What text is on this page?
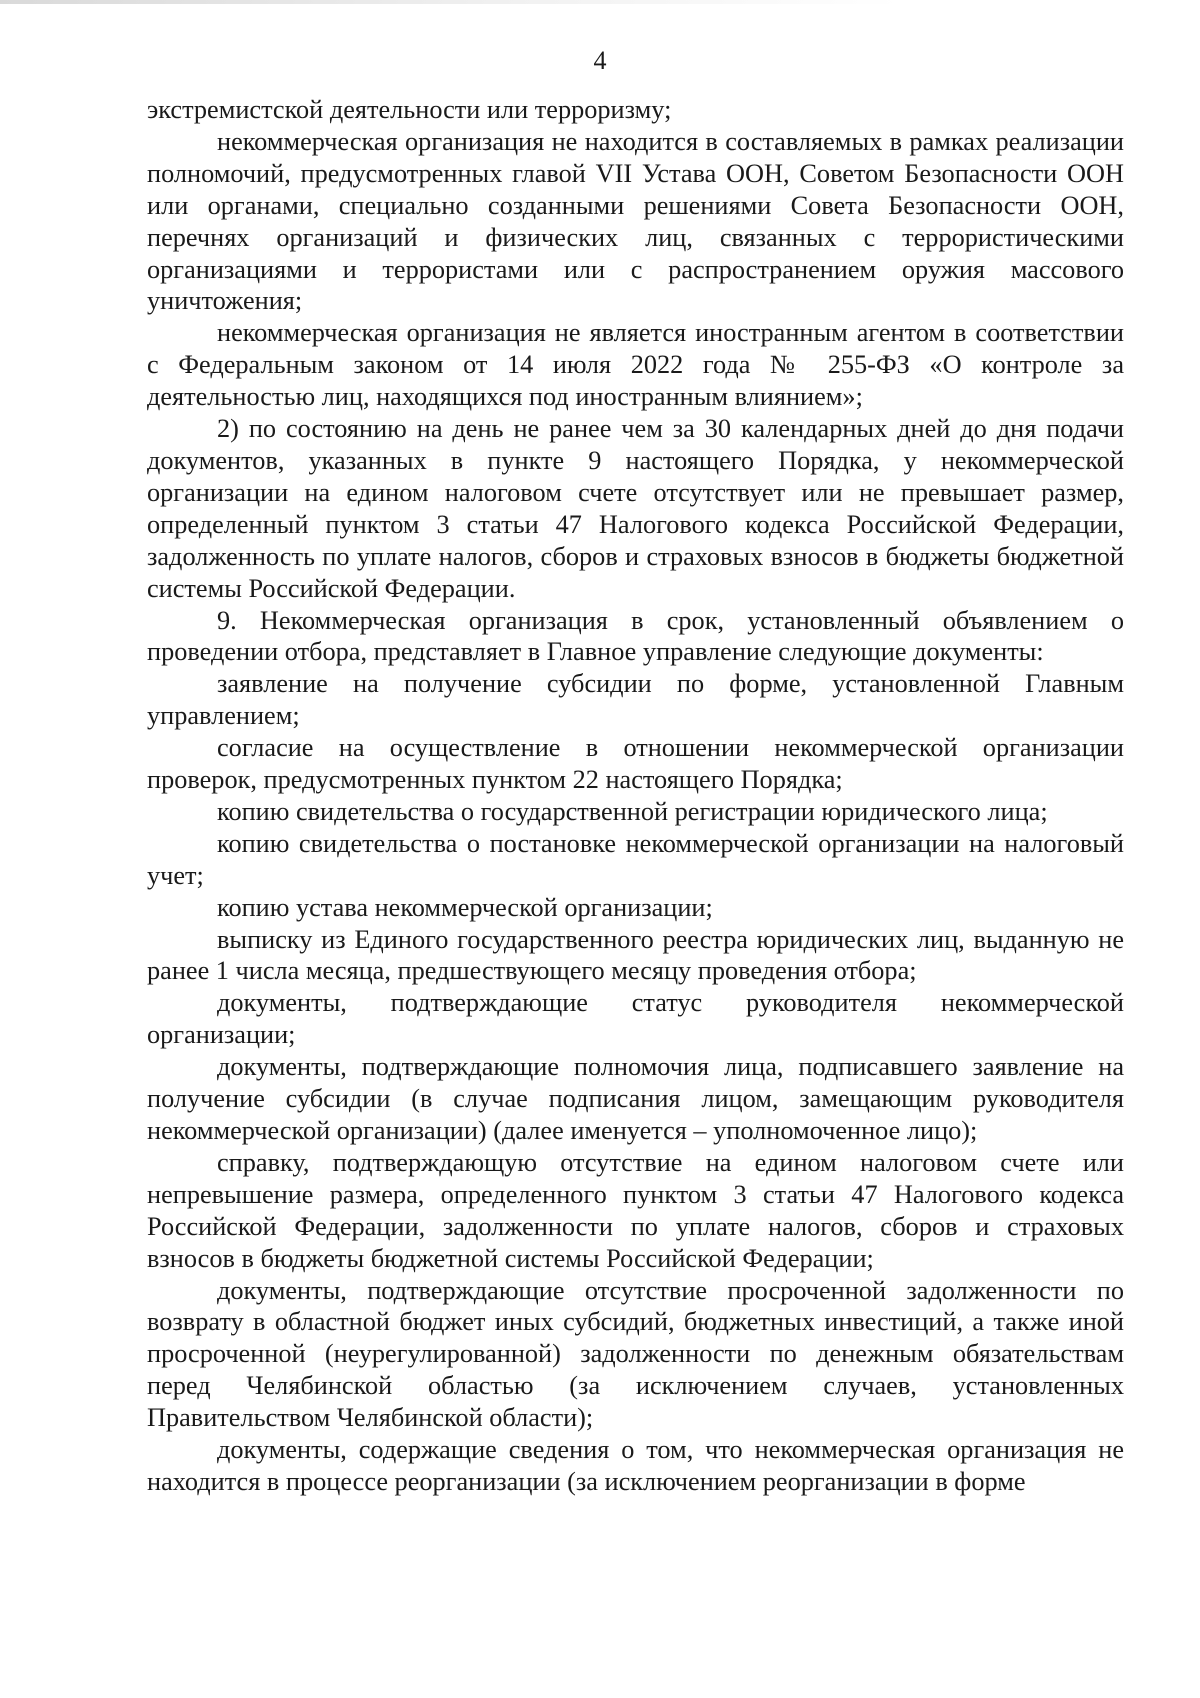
4

экстремистской деятельности или терроризму;

некоммерческая организация не находится в составляемых в рамках реализации полномочий, предусмотренных главой VII Устава ООН, Советом Безопасности ООН или органами, специально созданными решениями Совета Безопасности ООН, перечнях организаций и физических лиц, связанных с террористическими организациями и террористами или с распространением оружия массового уничтожения;

некоммерческая организация не является иностранным агентом в соответствии с Федеральным законом от 14 июля 2022 года № 255-ФЗ «О контроле за деятельностью лиц, находящихся под иностранным влиянием»;

2) по состоянию на день не ранее чем за 30 календарных дней до дня подачи документов, указанных в пункте 9 настоящего Порядка, у некоммерческой организации на едином налоговом счете отсутствует или не превышает размер, определенный пунктом 3 статьи 47 Налогового кодекса Российской Федерации, задолженность по уплате налогов, сборов и страховых взносов в бюджеты бюджетной системы Российской Федерации.

9. Некоммерческая организация в срок, установленный объявлением о проведении отбора, представляет в Главное управление следующие документы:

заявление на получение субсидии по форме, установленной Главным управлением;

согласие на осуществление в отношении некоммерческой организации проверок, предусмотренных пунктом 22 настоящего Порядка;

копию свидетельства о государственной регистрации юридического лица;

копию свидетельства о постановке некоммерческой организации на налоговый учет;

копию устава некоммерческой организации;

выписку из Единого государственного реестра юридических лиц, выданную не ранее 1 числа месяца, предшествующего месяцу проведения отбора;

документы, подтверждающие статус руководителя некоммерческой организации;

документы, подтверждающие полномочия лица, подписавшего заявление на получение субсидии (в случае подписания лицом, замещающим руководителя некоммерческой организации) (далее именуется – уполномоченное лицо);

справку, подтверждающую отсутствие на едином налоговом счете или непревышение размера, определенного пунктом 3 статьи 47 Налогового кодекса Российской Федерации, задолженности по уплате налогов, сборов и страховых взносов в бюджеты бюджетной системы Российской Федерации;

документы, подтверждающие отсутствие просроченной задолженности по возврату в областной бюджет иных субсидий, бюджетных инвестиций, а также иной просроченной (неурегулированной) задолженности по денежным обязательствам перед Челябинской областью (за исключением случаев, установленных Правительством Челябинской области);

документы, содержащие сведения о том, что некоммерческая организация не находится в процессе реорганизации (за исключением реорганизации в форме
